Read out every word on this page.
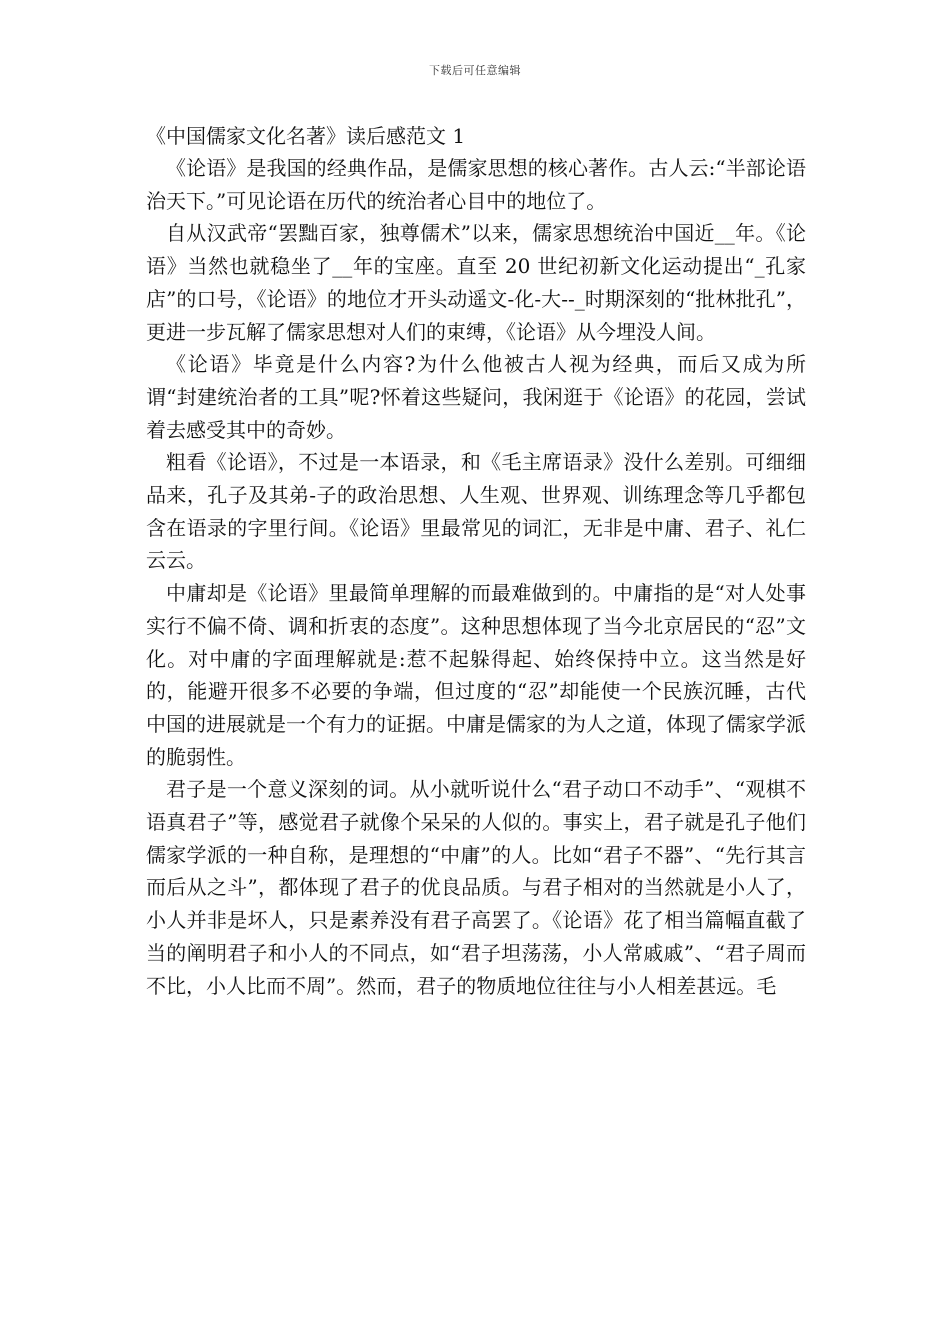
下载后可任意编辑
《中国儒家文化名著》读后感范文 1

《论语》是我国的经典作品，是儒家思想的核心著作。古人云:“半部论语治天下。”可见论语在历代的统治者心目中的地位了。

自从汉武帝“罢黜百家，独尊儒术”以来，儒家思想统治中国近__年。《论语》当然也就稳坐了__年的宝座。直至 20 世纪初新文化运动提出“_孔家店”的口号，《论语》的地位才开头动遥文-化-大--_时期深刻的“批林批孔”，更进一步瓦解了儒家思想对人们的束缚，《论语》从今埋没人间。

《论语》毕竟是什么内容?为什么他被古人视为经典，而后又成为所谓“封建统治者的工具”呢?怀着这些疑问，我闲逛于《论语》的花园，尝试着去感受其中的奇妙。

粗看《论语》，不过是一本语录，和《毛主席语录》没什么差别。可细细品来，孔子及其弟-子的政治思想、人生观、世界观、训练理念等几乎都包含在语录的字里行间。《论语》里最常见的词汇，无非是中庸、君子、礼仁云云。

中庸却是《论语》里最简单理解的而最难做到的。中庸指的是“对人处事实行不偏不倚、调和折衷的态度”。这种思想体现了当今北京居民的“忍”文化。对中庸的字面理解就是:惹不起躲得起、始终保持中立。这当然是好的，能避开很多不必要的争端，但过度的“忍”却能使一个民族沉睡，古代中国的进展就是一个有力的证据。中庸是儒家的为人之道，体现了儒家学派的脆弱性。

君子是一个意义深刻的词。从小就听说什么“君子动口不动手”、“观棋不语真君子”等，感觉君子就像个呆呆的人似的。事实上，君子就是孔子他们儒家学派的一种自称，是理想的“中庸”的人。比如“君子不器”、“先行其言而后从之斗”，都体现了君子的优良品质。与君子相对的当然就是小人了，小人并非是坏人，只是素养没有君子高罢了。《论语》花了相当篇幅直截了当的阐明君子和小人的不同点，如“君子坦荡荡，小人常戚戚”、“君子周而不比，小人比而不周”。然而，君子的物质地位往往与小人相差甚远。毛
